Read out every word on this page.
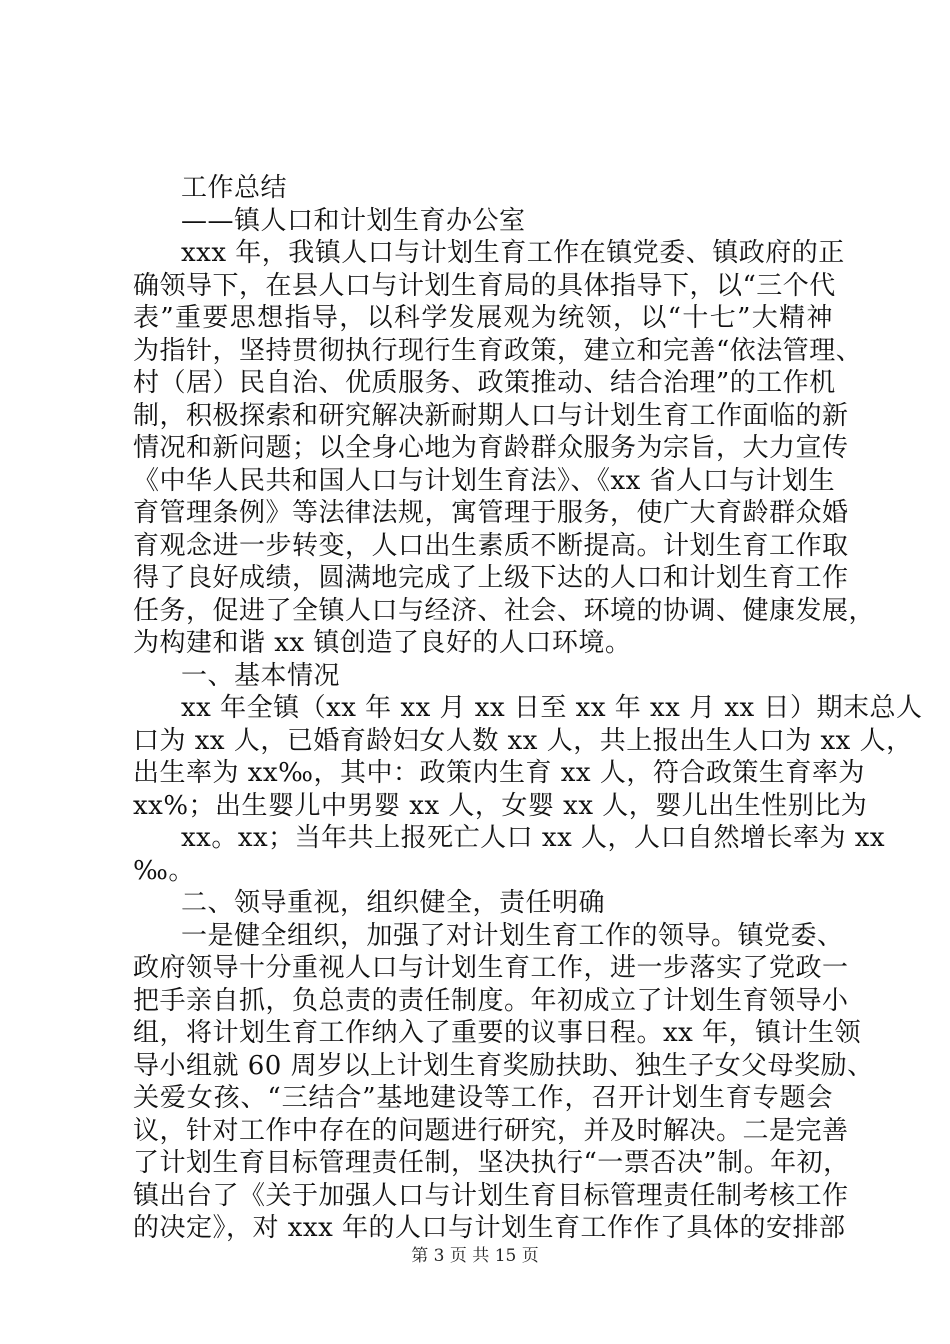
工作总结
——镇人口和计划生育办公室
xxx 年，我镇人口与计划生育工作在镇党委、镇政府的正
确领导下，在县人口与计划生育局的具体指导下，以“三个代
表”重要思想指导，以科学发展观为统领，以“十七”大精神
为指针，坚持贯彻执行现行生育政策，建立和完善“依法管理、
村（居）民自治、优质服务、政策推动、结合治理”的工作机
制，积极探索和研究解决新耐期人口与计划生育工作面临的新
情况和新问题；以全身心地为育龄群众服务为宗旨，大力宣传
《中华人民共和国人口与计划生育法》、《xx 省人口与计划生
育管理条例》等法律法规，寓管理于服务，使广大育龄群众婚
育观念进一步转变，人口出生素质不断提高。计划生育工作取
得了良好成绩，圆满地完成了上级下达的人口和计划生育工作
任务，促进了全镇人口与经济、社会、环境的协调、健康发展，
为构建和谐 xx 镇创造了良好的人口环境。
一、基本情况
xx 年全镇（xx 年 xx 月 xx 日至 xx 年 xx 月 xx 日）期末总人
口为 xx 人，已婚育龄妇女人数 xx 人，共上报出生人口为 xx 人，
出生率为 xx‰，其中：政策内生育 xx 人，符合政策生育率为
xx%；出生婴儿中男婴 xx 人，女婴 xx 人，婴儿出生性别比为
xx。xx；当年共上报死亡人口 xx 人，人口自然增长率为 xx
‰。
二、领导重视，组织健全，责任明确
一是健全组织，加强了对计划生育工作的领导。镇党委、
政府领导十分重视人口与计划生育工作，进一步落实了党政一
把手亲自抓，负总责的责任制度。年初成立了计划生育领导小
组，将计划生育工作纳入了重要的议事日程。xx 年，镇计生领
导小组就 60 周岁以上计划生育奖励扶助、独生子女父母奖励、
关爱女孩、“三结合”基地建设等工作，召开计划生育专题会
议，针对工作中存在的问题进行研究，并及时解决。二是完善
了计划生育目标管理责任制，坚决执行“一票否决”制。年初，
镇出台了《关于加强人口与计划生育目标管理责任制考核工作
的决定》，对 xxx 年的人口与计划生育工作作了具体的安排部
第 3 页 共 15 页
